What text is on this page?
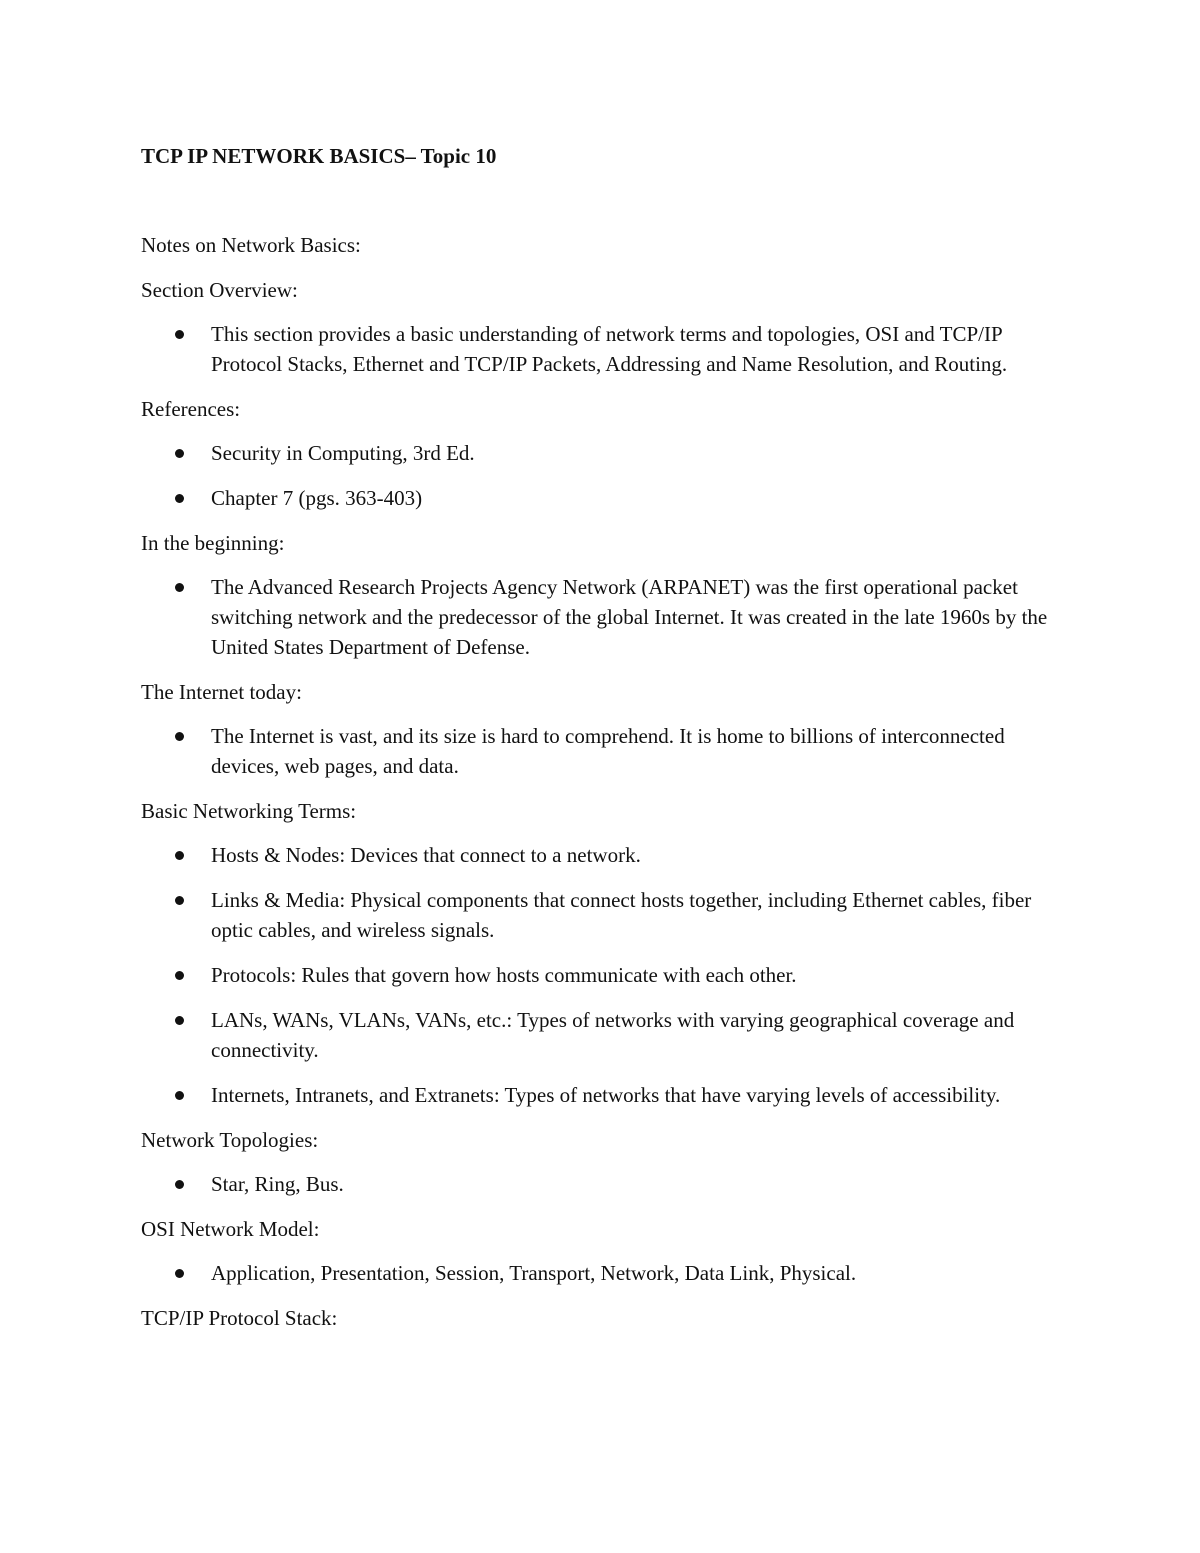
TCP IP NETWORK BASICS– Topic 10

Notes on Network Basics:

Section Overview:

This section provides a basic understanding of network terms and topologies, OSI and TCP/IP Protocol Stacks, Ethernet and TCP/IP Packets, Addressing and Name Resolution, and Routing.

References:

Security in Computing, 3rd Ed.
Chapter 7 (pgs. 363-403)

In the beginning:

The Advanced Research Projects Agency Network (ARPANET) was the first operational packet switching network and the predecessor of the global Internet. It was created in the late 1960s by the United States Department of Defense.

The Internet today:

The Internet is vast, and its size is hard to comprehend. It is home to billions of interconnected devices, web pages, and data.

Basic Networking Terms:

Hosts & Nodes: Devices that connect to a network.
Links & Media: Physical components that connect hosts together, including Ethernet cables, fiber optic cables, and wireless signals.
Protocols: Rules that govern how hosts communicate with each other.
LANs, WANs, VLANs, VANs, etc.: Types of networks with varying geographical coverage and connectivity.
Internets, Intranets, and Extranets: Types of networks that have varying levels of accessibility.

Network Topologies:

Star, Ring, Bus.

OSI Network Model:

Application, Presentation, Session, Transport, Network, Data Link, Physical.

TCP/IP Protocol Stack:
